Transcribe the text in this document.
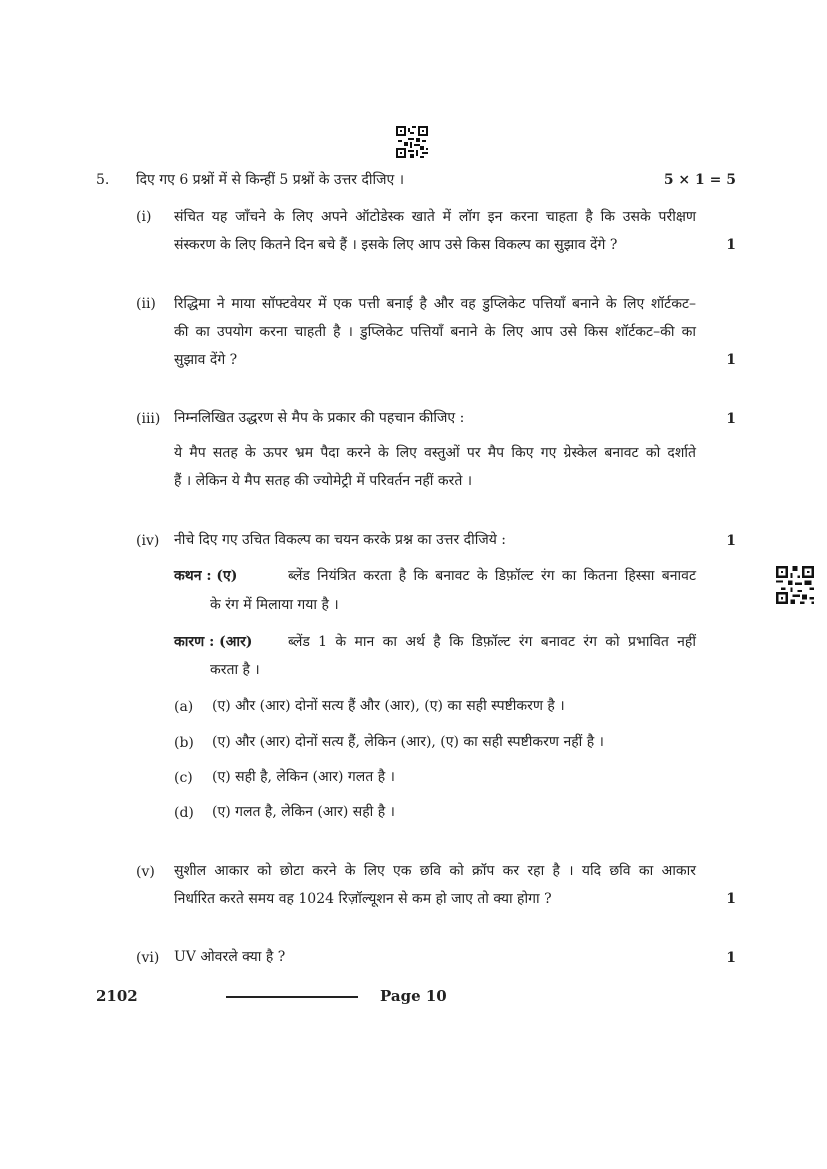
5. दिए गए 6 प्रश्नों में से किन्हीं 5 प्रश्नों के उत्तर दीजिए ।	5 × 1 = 5
(i) संचित यह जाँचने के लिए अपने ऑटोडेस्क खाते में लॉग इन करना चाहता है कि उसके परीक्षण
संस्करण के लिए कितने दिन बचे हैं । इसके लिए आप उसे किस विकल्प का सुझाव देंगे ?	1
(ii) रिद्धिमा ने माया सॉफ्टवेयर में एक पत्ती बनाई है और वह डुप्लिकेट पत्तियाँ बनाने के लिए शॉर्टकट–
की का उपयोग करना चाहती है । डुप्लिकेट पत्तियाँ बनाने के लिए आप उसे किस शॉर्टकट–की का
सुझाव देंगे ?	1
(iii) निम्नलिखित उद्धरण से मैप के प्रकार की पहचान कीजिए :	1
ये मैप सतह के ऊपर भ्रम पैदा करने के लिए वस्तुओं पर मैप किए गए ग्रेस्केल बनावट को दर्शाते
हैं । लेकिन ये मैप सतह की ज्योमेट्री में परिवर्तन नहीं करते ।
(iv) नीचे दिए गए उचित विकल्प का चयन करके प्रश्न का उत्तर दीजिये :	1
कथन : (ए)	ब्लेंड नियंत्रित करता है कि बनावट के डिफ़ॉल्ट रंग का कितना हिस्सा बनावट
के रंग में मिलाया गया है ।
कारण : (आर)	ब्लेंड 1 के मान का अर्थ है कि डिफ़ॉल्ट रंग बनावट रंग को प्रभावित नहीं
करता है ।
(a) (ए) और (आर) दोनों सत्य हैं और (आर), (ए) का सही स्पष्टीकरण है ।
(b) (ए) और (आर) दोनों सत्य हैं, लेकिन (आर), (ए) का सही स्पष्टीकरण नहीं है ।
(c) (ए) सही है, लेकिन (आर) गलत है ।
(d) (ए) गलत है, लेकिन (आर) सही है ।
(v) सुशील आकार को छोटा करने के लिए एक छवि को क्रॉप कर रहा है । यदि छवि का आकार
निर्धारित करते समय वह 1024 रिज़ॉल्यूशन से कम हो जाए तो क्या होगा ?	1
(vi) UV ओवरले क्या है ?	1
2102	Page 10
